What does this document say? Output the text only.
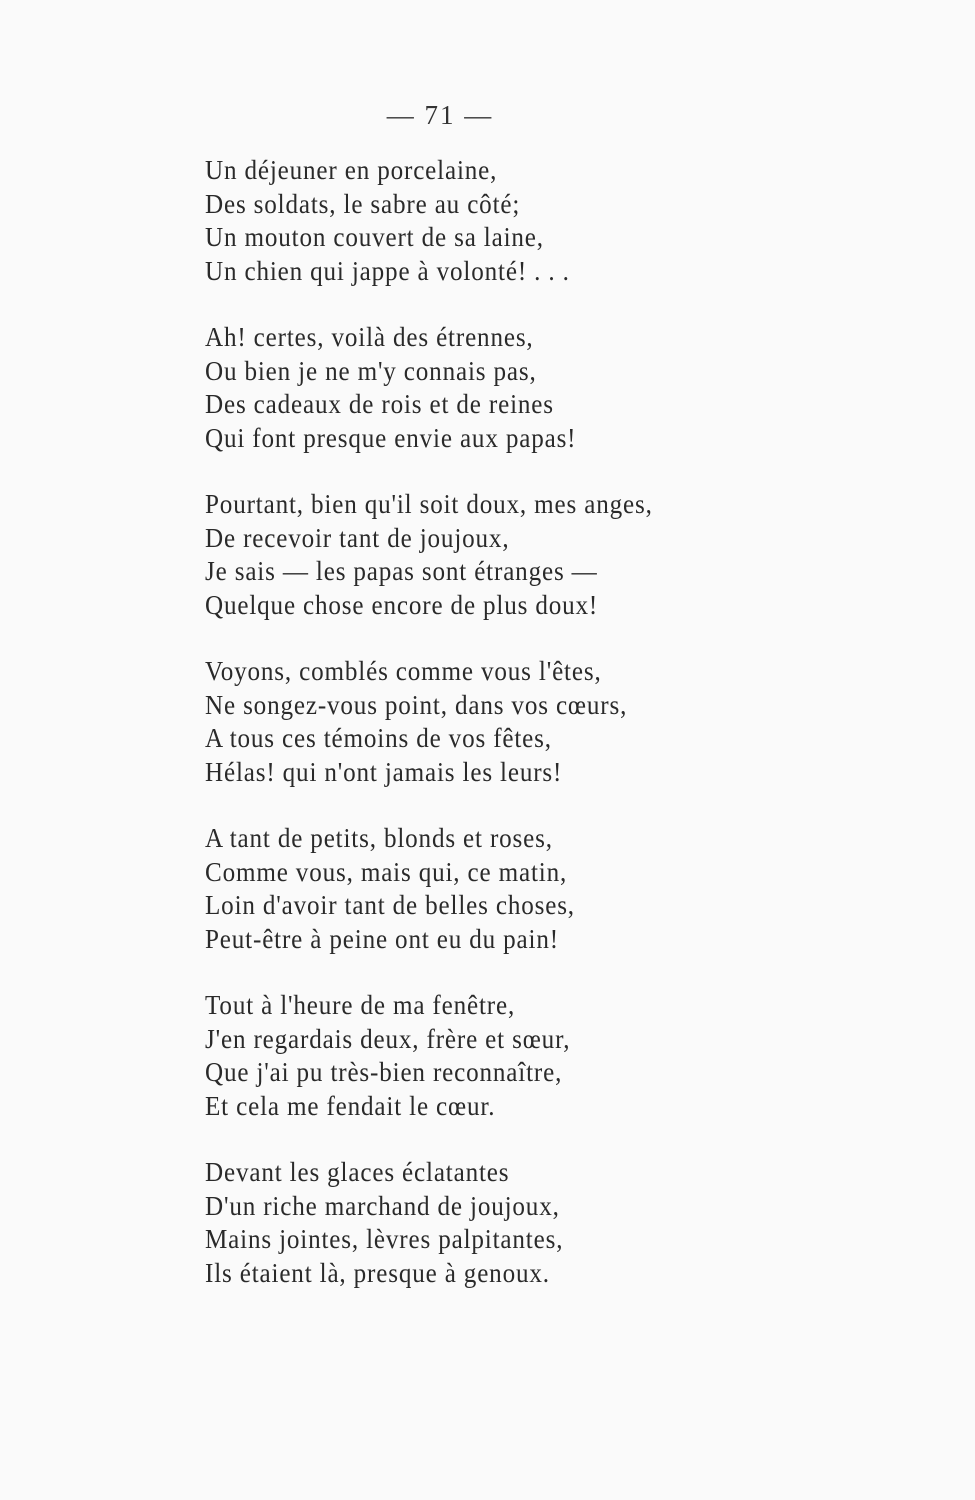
— 71 —
Un déjeuner en porcelaine,
Des soldats, le sabre au côté;
Un mouton couvert de sa laine,
Un chien qui jappe à volonté! . . .
Ah! certes, voilà des étrennes,
Ou bien je ne m'y connais pas,
Des cadeaux de rois et de reines
Qui font presque envie aux papas!
Pourtant, bien qu'il soit doux, mes anges,
De recevoir tant de joujoux,
Je sais — les papas sont étranges —
Quelque chose encore de plus doux!
Voyons, comblés comme vous l'êtes,
Ne songez-vous point, dans vos cœurs,
A tous ces témoins de vos fêtes,
Hélas! qui n'ont jamais les leurs!
A tant de petits, blonds et roses,
Comme vous, mais qui, ce matin,
Loin d'avoir tant de belles choses,
Peut-être à peine ont eu du pain!
Tout à l'heure de ma fenêtre,
J'en regardais deux, frère et sœur,
Que j'ai pu très-bien reconnaître,
Et cela me fendait le cœur.
Devant les glaces éclatantes
D'un riche marchand de joujoux,
Mains jointes, lèvres palpitantes,
Ils étaient là, presque à genoux.
